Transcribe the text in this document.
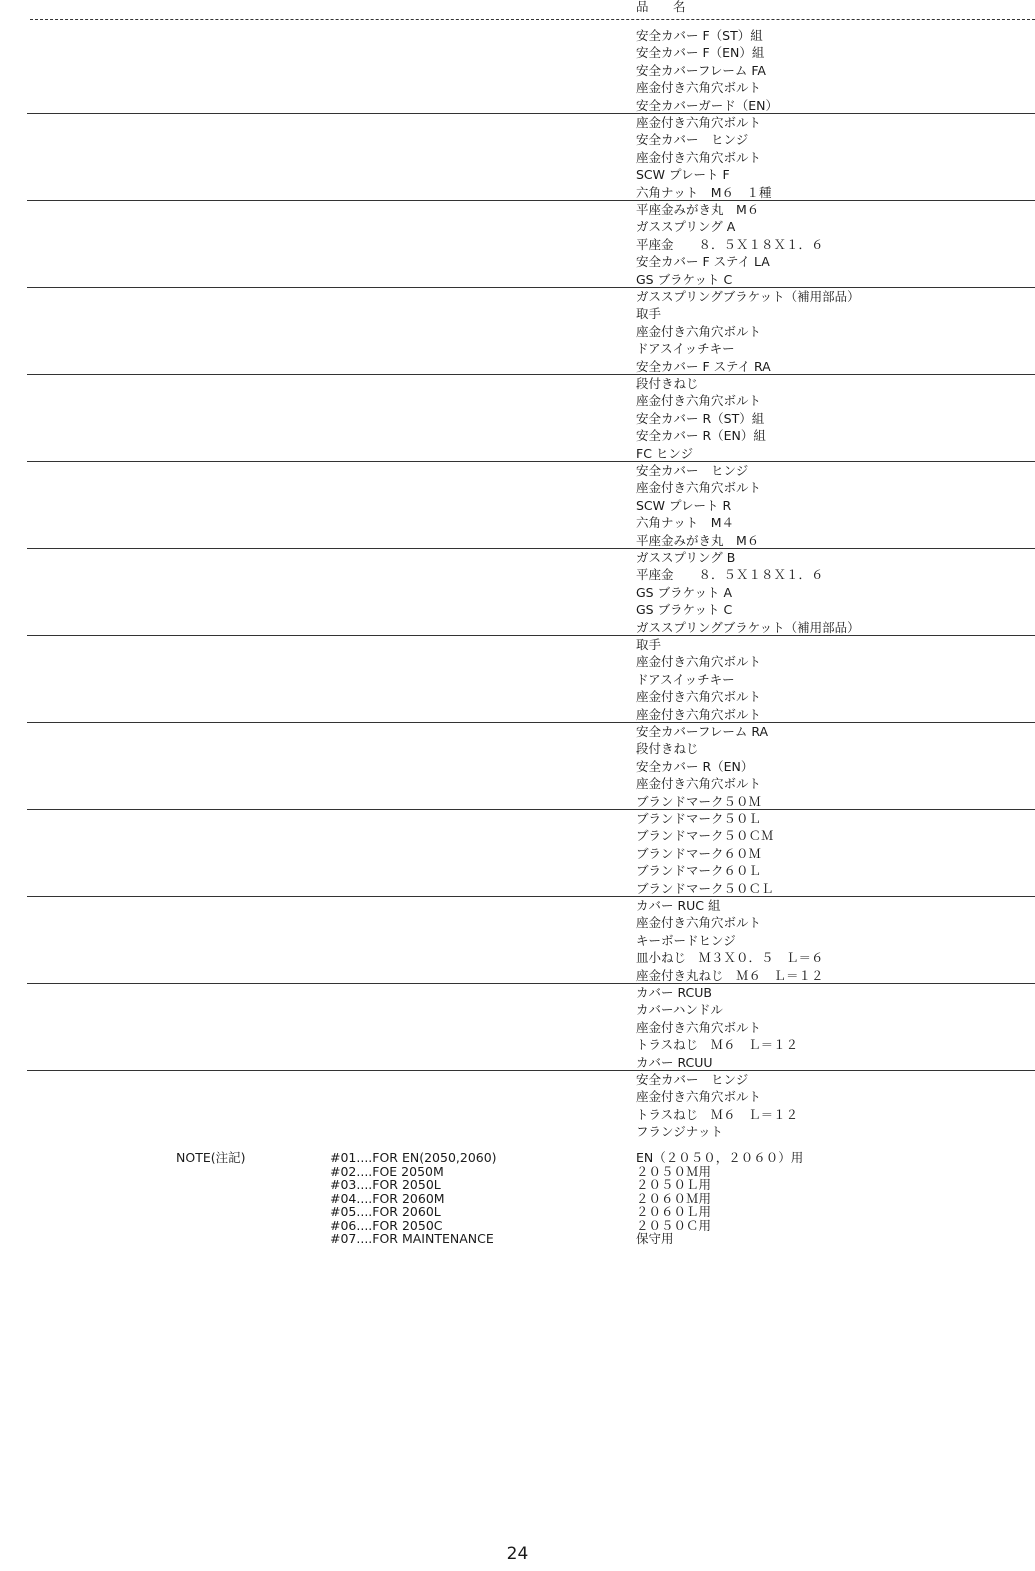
品　名
安全カバー F（ST）組
安全カバー F（EN）組
安全カバーフレーム FA
座金付き六角穴ボルト
安全カバーガード（EN）
座金付き六角穴ボルト
安全カバー　ヒンジ
座金付き六角穴ボルト
SCW プレート F
六角ナット　M６　１種
平座金みがき丸　M６
ガススプリング A
平座金　　８．５Ｘ１８Ｘ１．６
安全カバー F ステイ LA
GS ブラケット C
ガススプリングブラケット（補用部品）
取手
座金付き六角穴ボルト
ドアスイッチキー
安全カバー F ステイ RA
段付きねじ
座金付き六角穴ボルト
安全カバー R（ST）組
安全カバー R（EN）組
FC ヒンジ
安全カバー　ヒンジ
座金付き六角穴ボルト
SCW プレート R
六角ナット　M４
平座金みがき丸　M６
ガススプリング B
平座金　　８．５Ｘ１８Ｘ１．６
GS ブラケット A
GS ブラケット C
ガススプリングブラケット（補用部品）
取手
座金付き六角穴ボルト
ドアスイッチキー
座金付き六角穴ボルト
座金付き六角穴ボルト
安全カバーフレーム RA
段付きねじ
安全カバー R（EN）
座金付き六角穴ボルト
ブランドマーク５０Ｍ
ブランドマーク５０Ｌ
ブランドマーク５０ＣＭ
ブランドマーク６０Ｍ
ブランドマーク６０Ｌ
ブランドマーク５０ＣＬ
カバー RUC 組
座金付き六角穴ボルト
キーボードヒンジ
皿小ねじ　Ｍ３Ｘ０．５　Ｌ＝６
座金付き丸ねじ　Ｍ６　Ｌ＝１２
カバー RCUB
カバーハンドル
座金付き六角穴ボルト
トラスねじ　Ｍ６　Ｌ＝１２
カバー RCUU
安全カバー　ヒンジ
座金付き六角穴ボルト
トラスねじ　Ｍ６　Ｌ＝１２
フランジナット
NOTE(注記)	#01....FOR EN(2050,2060)
#02....FOE 2050M
#03....FOR 2050L
#04....FOR 2060M
#05....FOR 2060L
#06....FOR 2050C
#07....FOR MAINTENANCE
EN（２０５０，２０６０）用
２０５０Ｍ用
２０５０Ｌ用
２０６０Ｍ用
２０６０Ｌ用
２０５０Ｃ用
保守用
24
